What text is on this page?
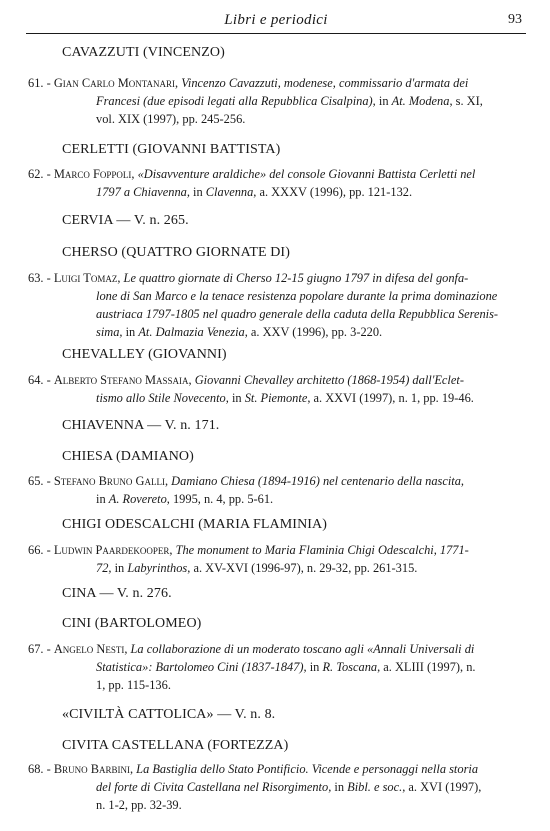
Libri e periodici	93
CAVAZZUTI (VINCENZO)
61. - Gian Carlo Montanari, Vincenzo Cavazzuti, modenese, commissario d'armata dei
Francesi (due episodi legati alla Repubblica Cisalpina), in At. Modena, s. XI,
vol. XIX (1997), pp. 245-256.
CERLETTI (GIOVANNI BATTISTA)
62. - Marco Foppoli, «Disavventure araldiche» del console Giovanni Battista Cerletti nel
1797 a Chiavenna, in Clavenna, a. XXXV (1996), pp. 121-132.
CERVIA — V. n. 265.
CHERSO (QUATTRO GIORNATE DI)
63. - Luigi Tomaz, Le quattro giornate di Cherso 12-15 giugno 1797 in difesa del gonfa-
lone di San Marco e la tenace resistenza popolare durante la prima dominazione
austriaca 1797-1805 nel quadro generale della caduta della Repubblica Serenis-
sima, in At. Dalmazia Venezia, a. XXV (1996), pp. 3-220.
CHEVALLEY (GIOVANNI)
64. - Alberto Stefano Massaia, Giovanni Chevalley architetto (1868-1954) dall'Eclet-
tismo allo Stile Novecento, in St. Piemonte, a. XXVI (1997), n. 1, pp. 19-46.
CHIAVENNA — V. n. 171.
CHIESA (DAMIANO)
65. - Stefano Bruno Galli, Damiano Chiesa (1894-1916) nel centenario della nascita,
in A. Rovereto, 1995, n. 4, pp. 5-61.
CHIGI ODESCALCHI (MARIA FLAMINIA)
66. - Ludwin Paardekooper, The monument to Maria Flaminia Chigi Odescalchi, 1771-
72, in Labyrinthos, a. XV-XVI (1996-97), n. 29-32, pp. 261-315.
CINA — V. n. 276.
CINI (BARTOLOMEO)
67. - Angelo Nesti, La collaborazione di un moderato toscano agli «Annali Universali di
Statistica»: Bartolomeo Cini (1837-1847), in R. Toscana, a. XLIII (1997), n.
1, pp. 115-136.
«CIVILTÀ CATTOLICA» — V. n. 8.
CIVITA CASTELLANA (FORTEZZA)
68. - Bruno Barbini, La Bastiglia dello Stato Pontificio. Vicende e personaggi nella storia
del forte di Civita Castellana nel Risorgimento, in Bibl. e soc., a. XVI (1997),
n. 1-2, pp. 32-39.
